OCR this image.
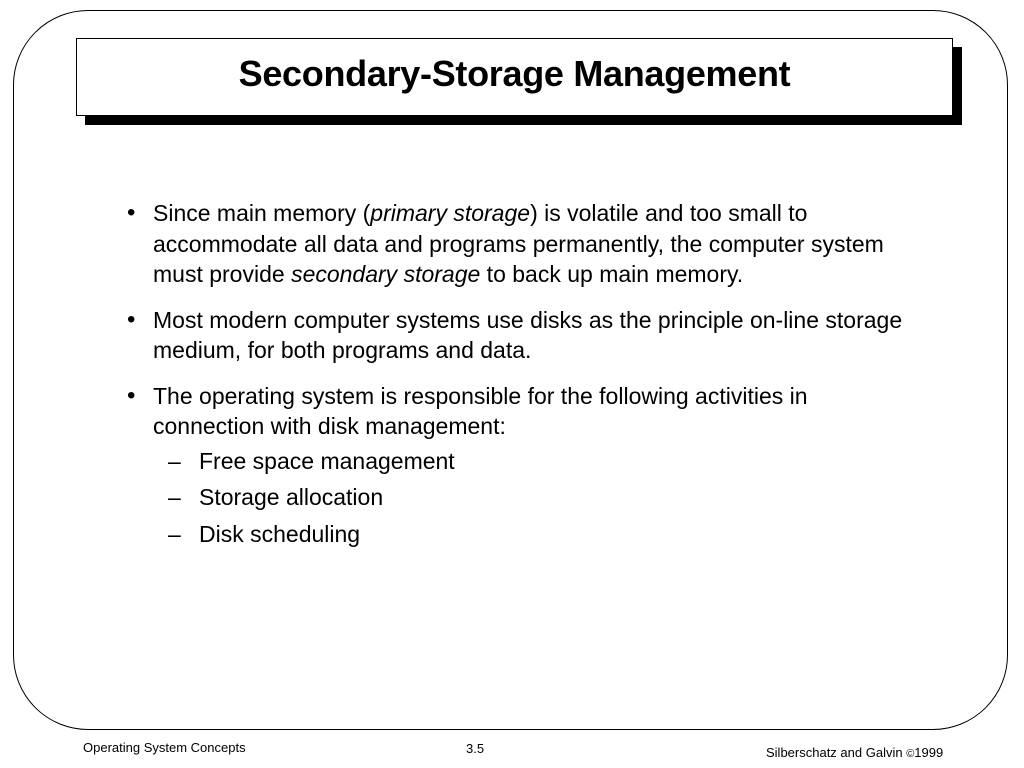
Secondary-Storage Management
• Since main memory (primary storage) is volatile and too small to accommodate all data and programs permanently, the computer system must provide secondary storage to back up main memory.
• Most modern computer systems use disks as the principle on-line storage medium, for both programs and data.
• The operating system is responsible for the following activities in connection with disk management:
– Free space management
– Storage allocation
– Disk scheduling
Operating System Concepts	3.5	Silberschatz and Galvin ©1999
